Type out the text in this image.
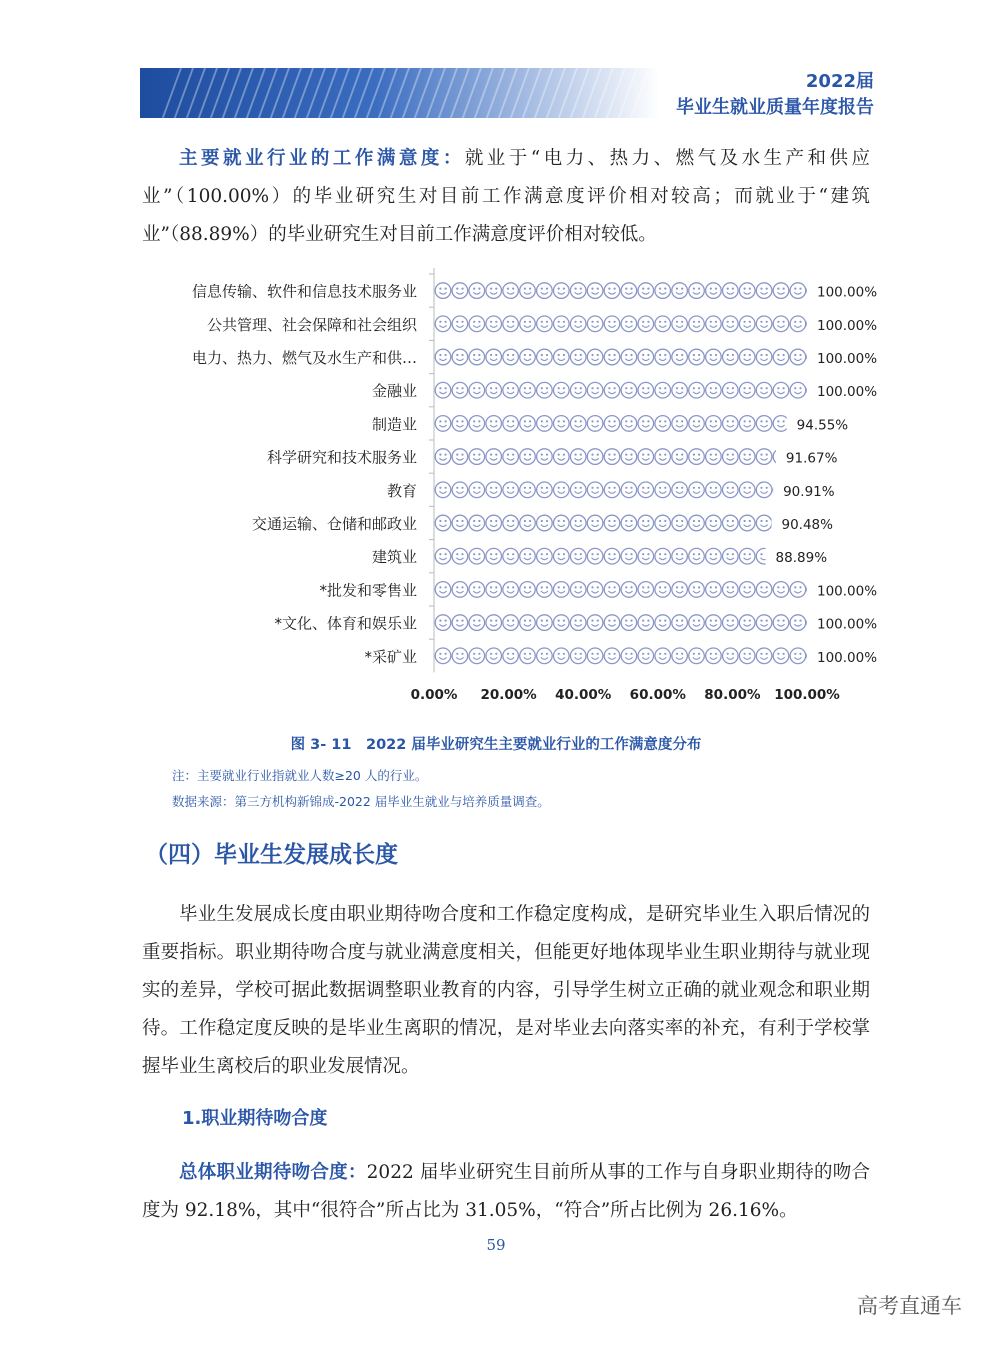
2022届
毕业生就业质量年度报告

主要就业行业的工作满意度：就业于“电力、热力、燃气及水生产和供应业”（100.00%）的毕业研究生对目前工作满意度评价相对较高；而就业于“建筑业”（88.89%）的毕业研究生对目前工作满意度评价相对较低。

信息传输、软件和信息技术服务业	100.00%
公共管理、社会保障和社会组织	100.00%
电力、热力、燃气及水生产和供…	100.00%
金融业	100.00%
制造业	94.55%
科学研究和技术服务业	91.67%
教育	90.91%
交通运输、仓储和邮政业	90.48%
建筑业	88.89%
*批发和零售业	100.00%
*文化、体育和娱乐业	100.00%
*采矿业	100.00%
0.00% 20.00% 40.00% 60.00% 80.00% 100.00%
图 3- 11　2022 届毕业研究生主要就业行业的工作满意度分布
注：主要就业行业指就业人数≥20 人的行业。
数据来源：第三方机构新锦成-2022 届毕业生就业与培养质量调查。
（四）毕业生发展成长度

毕业生发展成长度由职业期待吻合度和工作稳定度构成，是研究毕业生入职后情况的重要指标。职业期待吻合度与就业满意度相关，但能更好地体现毕业生职业期待与就业现实的差异，学校可据此数据调整职业教育的内容，引导学生树立正确的就业观念和职业期待。工作稳定度反映的是毕业生离职的情况，是对毕业去向落实率的补充，有利于学校掌握毕业生离校后的职业发展情况。

1.职业期待吻合度

总体职业期待吻合度：2022 届毕业研究生目前所从事的工作与自身职业期待的吻合度为 92.18%，其中“很符合”所占比为 31.05%，“符合”所占比例为 26.16%。

59
高考直通车
